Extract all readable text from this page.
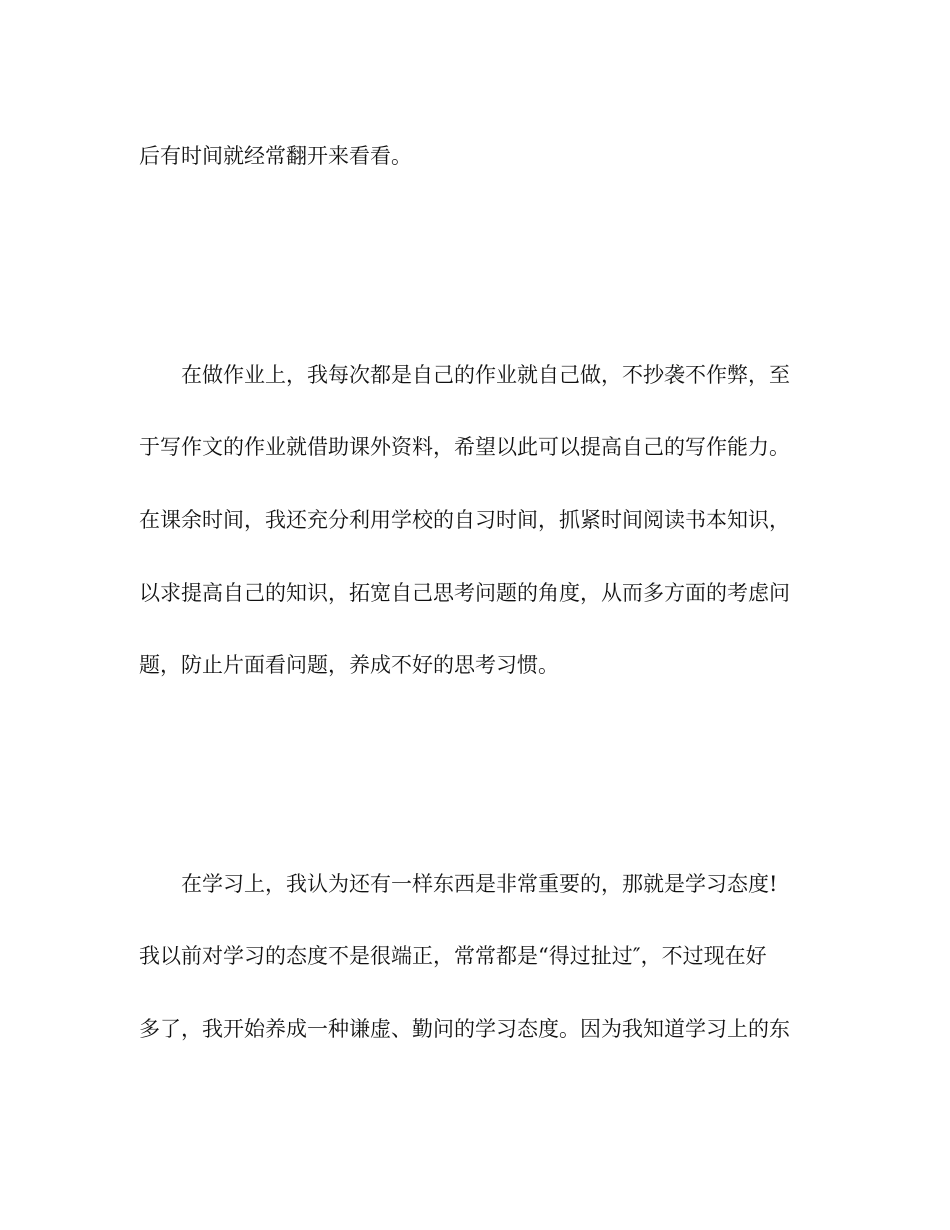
后有时间就经常翻开来看看。

在做作业上，我每次都是自己的作业就自己做，不抄袭不作弊，至

于写作文的作业就借助课外资料，希望以此可以提高自己的写作能力。

在课余时间，我还充分利用学校的自习时间，抓紧时间阅读书本知识，

以求提高自己的知识，拓宽自己思考问题的角度，从而多方面的考虑问

题，防止片面看问题，养成不好的思考习惯。

在学习上，我认为还有一样东西是非常重要的，那就是学习态度!

我以前对学习的态度不是很端正，常常都是“得过扯过″，不过现在好

多了，我开始养成一种谦虚、勤问的学习态度。因为我知道学习上的东
